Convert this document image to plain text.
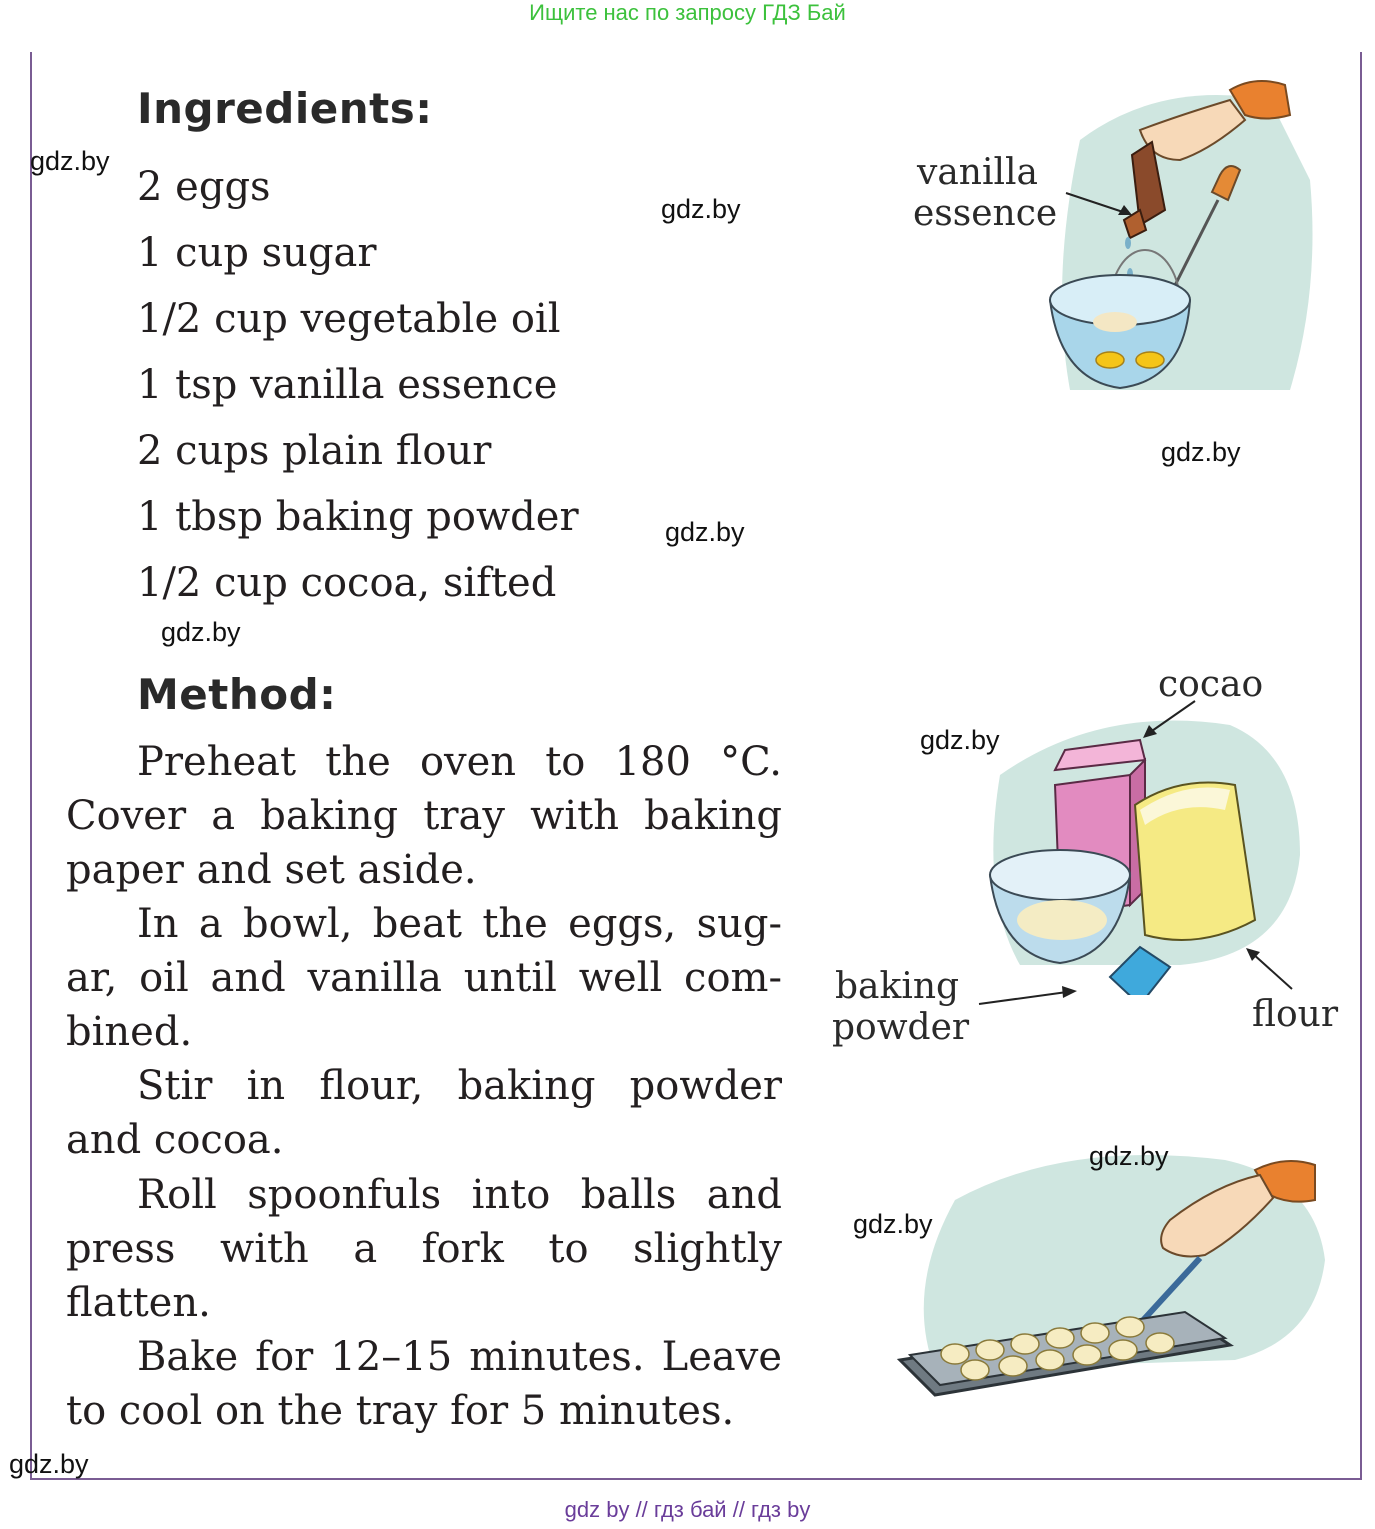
Ищите нас по запросу ГДЗ Бай
Ingredients:
2 eggs
1 cup sugar
1/2 cup vegetable oil
1 tsp vanilla essence
2 cups plain flour
1 tbsp baking powder
1/2 cup cocoa, sifted
Method:
Preheat the oven to 180 °C.
Cover a baking tray with baking
paper and set aside.
In a bowl, beat the eggs, sug-
ar, oil and vanilla until well com-
bined.
Stir in flour, baking powder
and cocoa.
Roll spoonfuls into balls and
press with a fork to slightly
flatten.
Bake for 12–15 minutes. Leave
to cool on the tray for 5 minutes.
vanilla
essence
cocao
baking
powder	flour
gdz.by
gdz.by
gdz.by
gdz.by
gdz.by
gdz.by
gdz.by
gdz.by
gdz.by
gdz by // гдз бай // гдз by
